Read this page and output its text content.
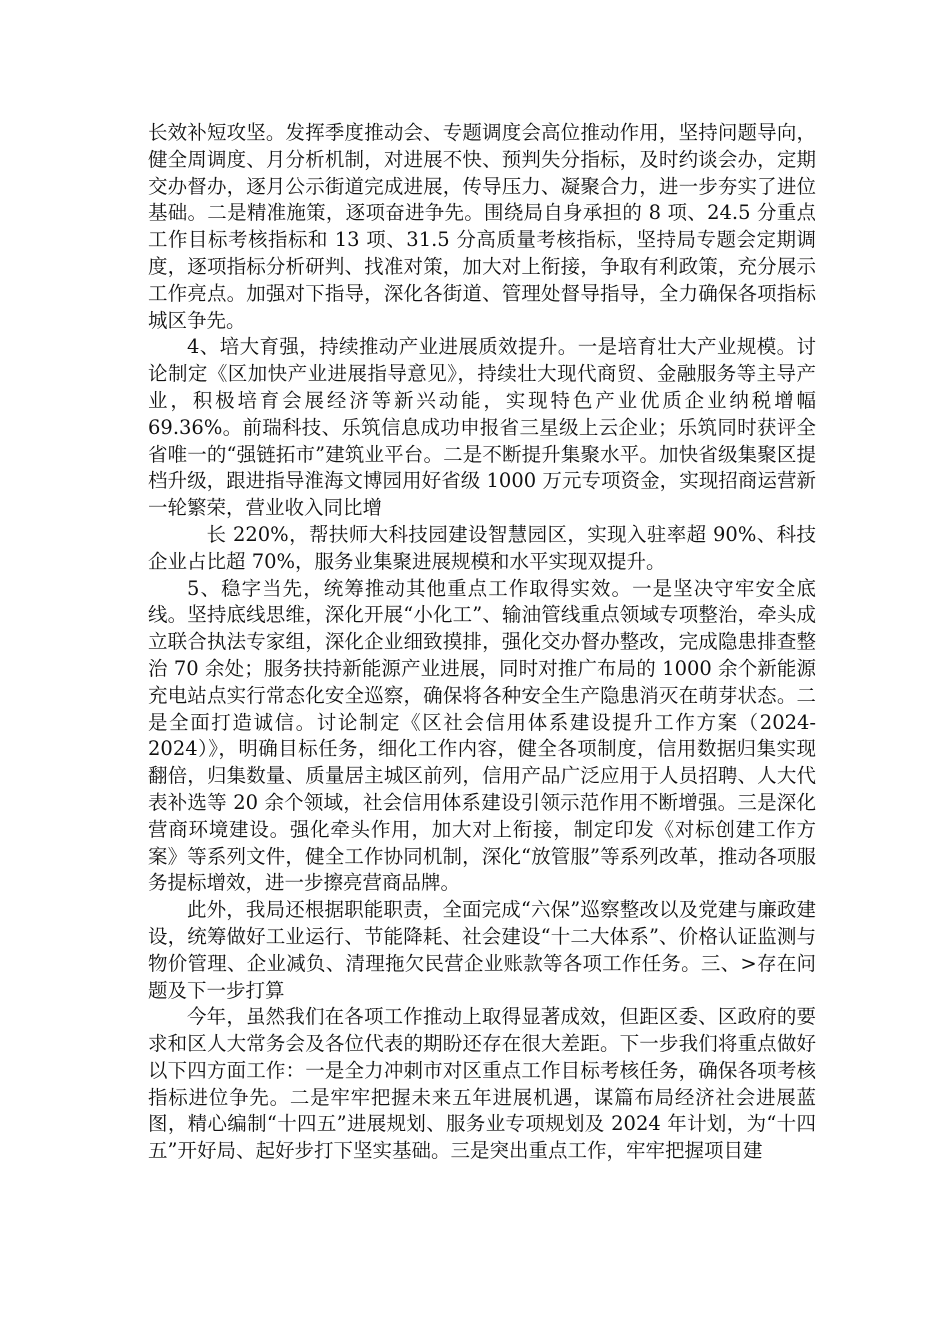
长效补短攻坚。发挥季度推动会、专题调度会高位推动作用，坚持问题导向，健全周调度、月分析机制，对进展不快、预判失分指标，及时约谈会办，定期交办督办，逐月公示街道完成进展，传导压力、凝聚合力，进一步夯实了进位基础。二是精准施策，逐项奋进争先。围绕局自身承担的 8 项、24.5 分重点工作目标考核指标和 13 项、31.5 分高质量考核指标，坚持局专题会定期调度，逐项指标分析研判、找准对策，加大对上衔接，争取有利政策，充分展示工作亮点。加强对下指导，深化各街道、管理处督导指导，全力确保各项指标城区争先。

4、培大育强，持续推动产业进展质效提升。一是培育壮大产业规模。讨论制定《区加快产业进展指导意见》，持续壮大现代商贸、金融服务等主导产业，积极培育会展经济等新兴动能，实现特色产业优质企业纳税增幅 69.36%。前瑞科技、乐筑信息成功申报省三星级上云企业；乐筑同时获评全省唯一的“强链拓市”建筑业平台。二是不断提升集聚水平。加快省级集聚区提档升级，跟进指导淮海文博园用好省级 1000 万元专项资金，实现招商运营新一轮繁荣，营业收入同比增

长 220%，帮扶师大科技园建设智慧园区，实现入驻率超 90%、科技企业占比超 70%，服务业集聚进展规模和水平实现双提升。

5、稳字当先，统筹推动其他重点工作取得实效。一是坚决守牢安全底线。坚持底线思维，深化开展“小化工”、输油管线重点领域专项整治，牵头成立联合执法专家组，深化企业细致摸排，强化交办督办整改，完成隐患排查整治 70 余处；服务扶持新能源产业进展，同时对推广布局的 1000 余个新能源充电站点实行常态化安全巡察，确保将各种安全生产隐患消灭在萌芽状态。二是全面打造诚信。讨论制定《区社会信用体系建设提升工作方案（2024-2024）》，明确目标任务，细化工作内容，健全各项制度，信用数据归集实现翻倍，归集数量、质量居主城区前列，信用产品广泛应用于人员招聘、人大代表补选等 20 余个领域，社会信用体系建设引领示范作用不断增强。三是深化营商环境建设。强化牵头作用，加大对上衔接，制定印发《对标创建工作方案》等系列文件，健全工作协同机制，深化“放管服”等系列改革，推动各项服务提标增效，进一步擦亮营商品牌。

此外，我局还根据职能职责，全面完成“六保”巡察整改以及党建与廉政建设，统筹做好工业运行、节能降耗、社会建设“十二大体系”、价格认证监测与物价管理、企业减负、清理拖欠民营企业账款等各项工作任务。三、>存在问题及下一步打算

今年，虽然我们在各项工作推动上取得显著成效，但距区委、区政府的要求和区人大常务会及各位代表的期盼还存在很大差距。下一步我们将重点做好以下四方面工作：一是全力冲刺市对区重点工作目标考核任务，确保各项考核指标进位争先。二是牢牢把握未来五年进展机遇，谋篇布局经济社会进展蓝图，精心编制“十四五”进展规划、服务业专项规划及 2024 年计划，为“十四五”开好局、起好步打下坚实基础。三是突出重点工作，牢牢把握项目建
